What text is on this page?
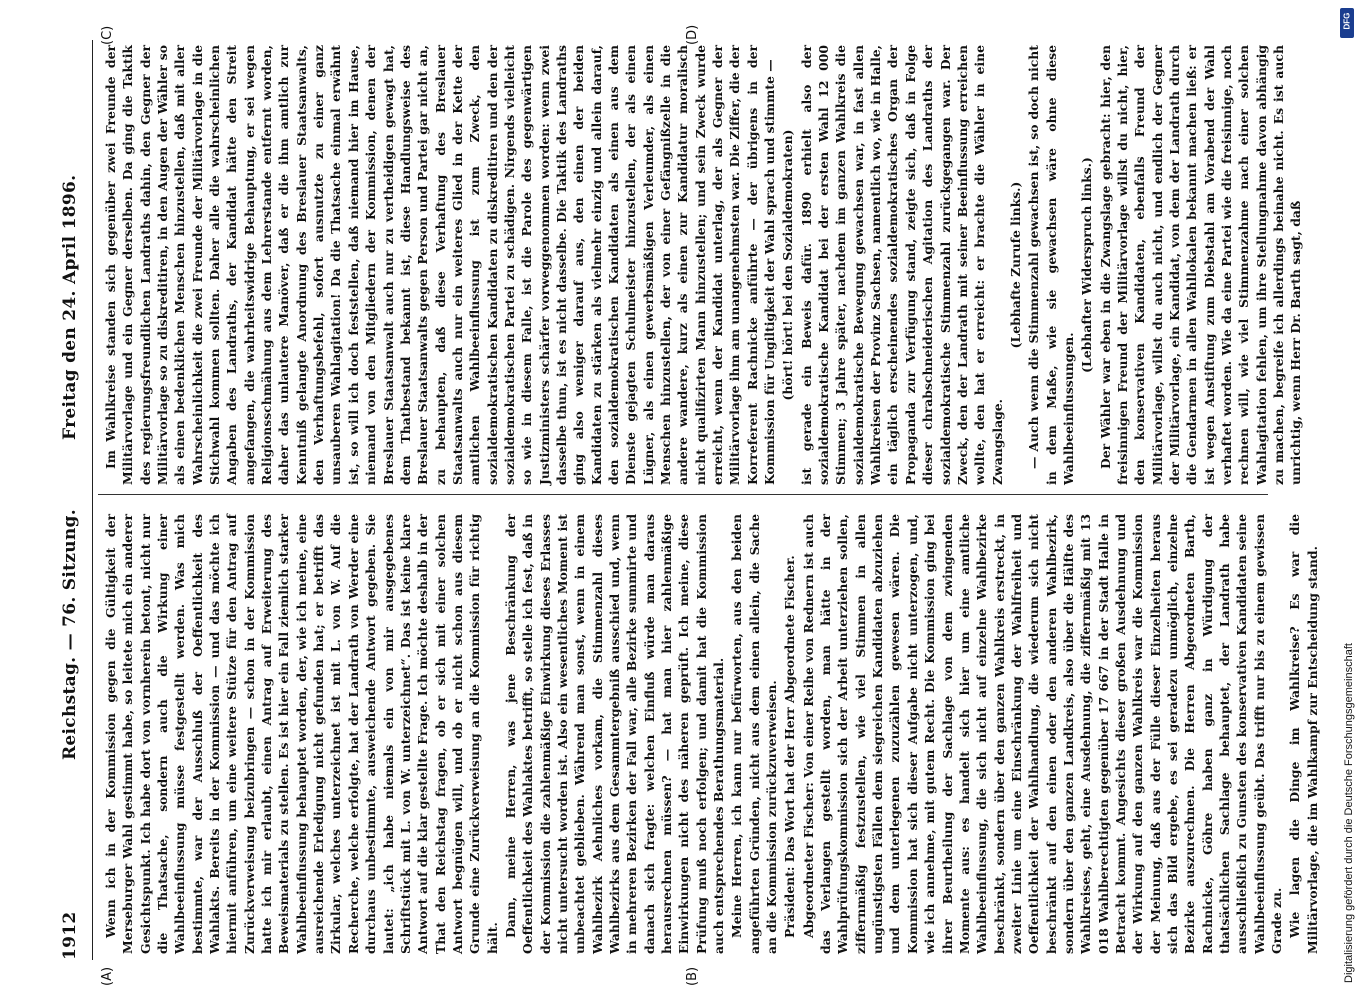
1912
Reichstag. — 76. Sitzung.
Freitag den 24. April 1896.
(A)	(B)
(C)	(D)

Wenn ich in der Kommission gegen die Gültigkeit der Merseburger Wahl gestimmt habe, so leitete mich ein anderer Gesichtspunkt. Ich habe dort von vornherein betont, nicht nur die Thatsache, sondern auch die Wirkung einer Wahlbeeinflussung müsse festgestellt werden. Was mich bestimmte, war der Ausschluß der Oeffentlichkeit des Wahlakts. Bereits in der Kommission — und das möchte ich hiermit anführen, um eine weitere Stütze für den Antrag auf Zurückverweisung beizubringen — schon in der Kommission hatte ich mir erlaubt, einen Antrag auf Erweiterung des Beweismaterials zu stellen. Es ist hier ein Fall ziemlich starker Wahlbeeinflussung behauptet worden, der, wie ich meine, eine ausreichende Erledigung nicht gefunden hat; er betrifft das Zirkular, welches unterzeichnet ist mit L. von W. Auf die Recherche, welche erfolgte, hat der Landrath von Werder eine durchaus unbestimmte, ausweichende Antwort gegeben. Sie lautet: „ich habe niemals ein von mir ausgegebenes Schriftstück mit L. von W. unterzeichnet“. Das ist keine klare Antwort auf die klar gestellte Frage. Ich möchte deshalb in der That den Reichstag fragen, ob er sich mit einer solchen Antwort begnügen will, und ob er nicht schon aus diesem Grunde eine Zurückverweisung an die Kommission für richtig hält.

Dann, meine Herren, was jene Beschränkung der Oeffentlichkeit des Wahlaktes betrifft, so stelle ich fest, daß in der Kommission die zahlenmäßige Einwirkung dieses Erlasses nicht untersucht worden ist. Also ein wesentliches Moment ist unbeachtet geblieben. Während man sonst, wenn in einem Wahlbezirk Aehnliches vorkam, die Stimmenzahl dieses Wahlbezirks aus dem Gesammtergebniß ausschied und, wenn in mehreren Bezirken der Fall war, alle Bezirke summirte und danach sich fragte: welchen Einfluß würde man daraus herausrechnen müssen? — hat man hier zahlenmäßige Einwirkungen nicht des näheren geprüft. Ich meine, diese Prüfung muß noch erfolgen; und damit hat die Kommission auch entsprechendes Berathungsmaterial. Meine Herren, ich kann nur befürworten, aus den beiden angeführten Gründen, nicht aus dem einen allein, die Sache an die Kommission zurückzuverweisen. Präsident: Das Wort hat der Herr Abgeordnete Fischer. Abgeordneter Fischer: Von einer Reihe von Rednern ist auch das Verlangen gestellt worden, man hätte in der Wahlprüfungskommission sich der Arbeit unterziehen sollen, ziffernmäßig festzustellen, wie viel Stimmen in allen ungünstigsten Fällen dem siegreichen Kandidaten abzuziehen und dem unterlegenen zuzuzählen gewesen wären. Die Kommission hat sich dieser Aufgabe nicht unterzogen, und, wie ich annehme, mit gutem Recht. Die Kommission ging bei ihrer Beurtheilung der Sachlage von dem zwingenden Momente aus: es handelt sich hier um eine amtliche Wahlbeeinflussung, die sich nicht auf einzelne Wahlbezirke beschränkt, sondern über den ganzen Wahlkreis erstreckt, in zweiter Linie um eine Einschränkung der Wahlfreiheit und Oeffentlichkeit der Wahlhandlung, die wiederum sich nicht beschränkt auf den einen oder den anderen Wahlbezirk, sondern über den ganzen Landkreis, also über die Hälfte des Wahlkreises, geht, eine Ausdehnung, die ziffernmäßig mit 13 018 Wahlberechtigten gegenüber 17 667 in der Stadt Halle in Betracht kommt. Angesichts dieser großen Ausdehnung und der Wirkung auf den ganzen Wahlkreis war die Kommission der Meinung, daß aus der Fülle dieser Einzelheiten heraus sich das Bild ergebe, es sei geradezu unmöglich, einzelne Bezirke auszurechnen. Die Herren Abgeordneten Barth, Rachnicke, Göhre haben ganz in Würdigung der thatsächlichen Sachlage behauptet, der Landrath habe ausschließlich zu Gunsten des konservativen Kandidaten seine Wahlbeeinflussung geübt. Das trifft nur bis zu einem gewissen Grade zu. Wie lagen die Dinge im Wahlkreise? Es war die Militärvorlage, die im Wahlkampf zur Entscheidung stand.

Im Wahlkreise standen sich gegenüber zwei Freunde der Militärvorlage und ein Gegner derselben. Da ging die Taktik des regierungsfreundlichen Landraths dahin, den Gegner der Militärvorlage so zu diskreditiren, in den Augen der Wähler so als einen bedenklichen Menschen hinzustellen, daß mit aller Wahrscheinlichkeit die zwei Freunde der Militärvorlage in die Stichwahl kommen sollten. Daher alle die wahrscheinlichen Angaben des Landraths, der Kandidat hätte den Streit angefangen, die wahrheitswidrige Behauptung, er sei wegen Religionsschmähung aus dem Lehrerstande entfernt worden, daher das unlautere Manöver, daß er die ihm amtlich zur Kenntniß gelangte Anordnung des Breslauer Staatsanwalts, den Verhaftungsbefehl, sofort ausnutzte zu einer ganz unsauberen Wahlagitation! Da die Thatsache einmal erwähnt ist, so will ich doch feststellen, daß niemand hier im Hause, niemand von den Mitgliedern der Kommission, denen der Breslauer Staatsanwalt auch nur zu vertheidigen gewagt hat, dem Thatbestand bekannt ist, diese Handlungsweise des Breslauer Staatsanwalts gegen Person und Partei gar nicht an, zu behaupten, daß diese Verhaftung des Breslauer Staatsanwalts auch nur ein weiteres Glied in der Kette der amtlichen Wahlbeeinflussung ist zum Zweck, den sozialdemokratischen Kandidaten zu diskreditiren und den der sozialdemokratischen Partei zu schädigen. Nirgends vielleicht so wie in diesem Falle, ist die Parole des gegenwärtigen Justizministers schärfer vorweggenommen worden: wenn zwei dasselbe thun, ist es nicht dasselbe. Die Taktik des Landraths ging also weniger darauf aus, den einen der beiden Kandidaten zu stärken als vielmehr einzig und allein darauf, den sozialdemokratischen Kandidaten als einen aus dem Dienste gejagten Schulmeister hinzustellen, der als einen Lügner, als einen gewerbsmäßigen Verleumder, als einen Menschen hinzustellen, der von einer Gefängnißzelle in die andere wandere, kurz als einen zur Kandidatur moralisch nicht qualifizirten Mann hinzustellen; und sein Zweck wurde erreicht, wenn der Kandidat unterlag, der als Gegner der Militärvorlage ihm am unangenehmsten war. Die Ziffer, die der Korreferent Rachnicke anführte — der übrigens in der Kommission für Ungiltigkeit der Wahl sprach und stimmte — (hört! hört! bei den Sozialdemokraten) ist gerade ein Beweis dafür. 1890 erhielt also der sozialdemokratische Kandidat bei der ersten Wahl 12 000 Stimmen; 3 Jahre später, nachdem im ganzen Wahlkreis die sozialdemokratische Bewegung gewachsen war, in fast allen Wahlkreisen der Provinz Sachsen, namentlich wo, wie in Halle, ein täglich erscheinendes sozialdemokratisches Organ der Propaganda zur Verfügung stand, zeigte sich, daß in Folge dieser chrabschneiderischen Agitation des Landraths der sozialdemokratische Stimmenzahl zurückgegangen war. Der Zweck, den der Landrath mit seiner Beeinflussung erreichen wollte, den hat er erreicht: er brachte die Wähler in eine Zwangslage.

(Lebhafte Zurufe links.) — Auch wenn die Stimmenzahl gewachsen ist, so doch nicht in dem Maße, wie sie gewachsen wäre ohne diese Wahlbeeinflussungen.

(Lebhafter Widerspruch links.) Der Wähler war eben in die Zwangslage gebracht: hier, den freisinnigen Freund der Militärvorlage willst du nicht, hier, den konservativen Kandidaten, ebenfalls Freund der Militärvorlage, willst du auch nicht, und endlich der Gegner der Militärvorlage, ein Kandidat, von dem der Landrath durch die Gendarmen in allen Wahllokalen bekannt machen ließ: er ist wegen Anstiftung zum Diebstahl am Vorabend der Wahl verhaftet worden. Wie da eine Partei wie die freisinnige, noch rechnen will, wie viel Stimmenzahme nach einer solchen Wahlagitation fehlen, um ihre Stellungnahme davon abhängig zu machen, begreife ich allerdings beinahe nicht. Es ist auch unrichtig, wenn Herr Dr. Barth sagt, daß

Digitalisierung gefördert durch die Deutsche Forschungsgemeinschaft
DFG
